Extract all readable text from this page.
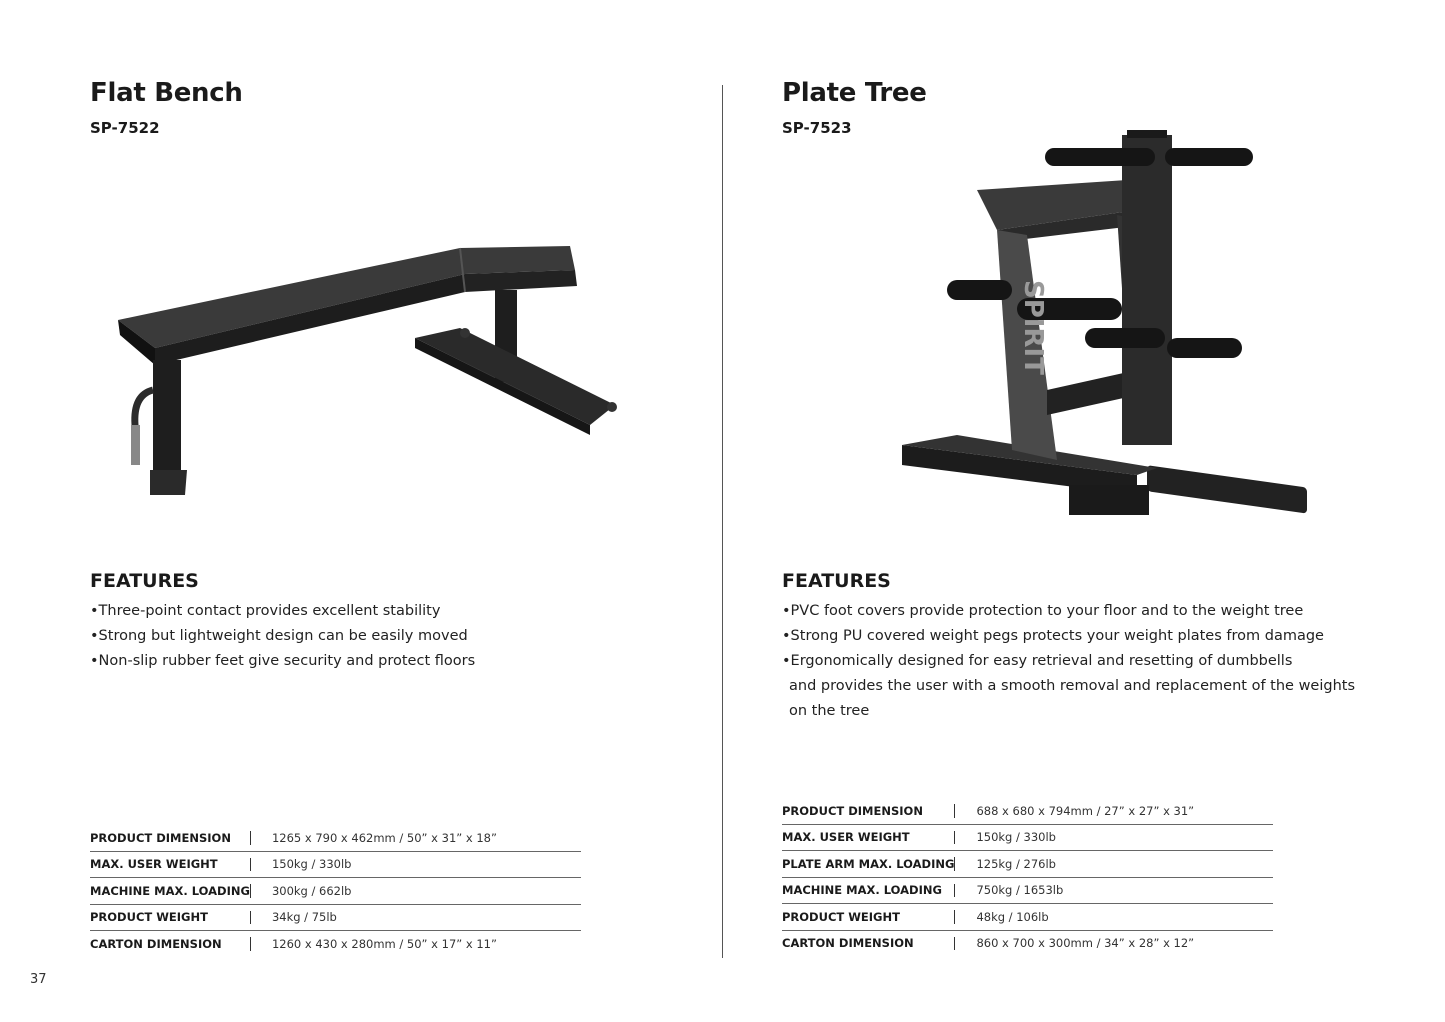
Flat Bench
SP-7522
FEATURES
•Three-point contact provides excellent stability
•Strong but lightweight design can be easily moved
•Non-slip rubber feet give security and protect floors
PRODUCT DIMENSION	1265 x 790 x 462mm / 50” x 31” x 18”
MAX. USER WEIGHT	150kg / 330lb
MACHINE MAX. LOADING	300kg / 662lb
PRODUCT WEIGHT	34kg / 75lb
CARTON DIMENSION	1260 x 430 x 280mm / 50” x 17” x 11”
Plate Tree
SP-7523
SPIRIT
FEATURES
•PVC foot covers provide protection to your floor and to the weight tree
•Strong PU covered weight pegs protects your weight plates from damage
•Ergonomically designed for easy retrieval and resetting of dumbbells
and provides the user with a smooth removal and replacement of the weights
on the tree
PRODUCT DIMENSION	688 x 680 x 794mm / 27” x 27” x 31”
MAX. USER WEIGHT	150kg / 330lb
PLATE ARM MAX. LOADING	125kg / 276lb
MACHINE MAX. LOADING	750kg / 1653lb
PRODUCT WEIGHT	48kg / 106lb
CARTON DIMENSION	860 x 700 x 300mm / 34” x 28” x 12”
37
